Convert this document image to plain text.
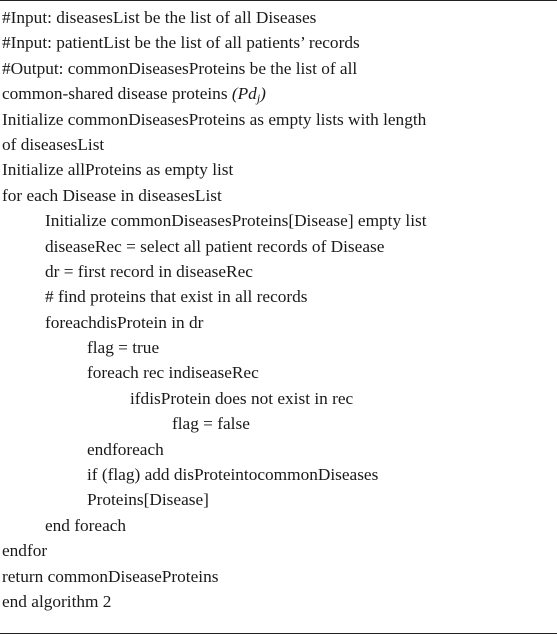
#Input: diseasesList be the list of all Diseases
#Input: patientList be the list of all patients’ records
#Output: commonDiseasesProteins be the list of all
common-shared disease proteins $(Pd_j)$
Initialize commonDiseasesProteins as empty lists with length
of diseasesList
Initialize allProteins as empty list
for each Disease in diseasesList
Initialize commonDiseasesProteins[Disease] empty list
diseaseRec = select all patient records of Disease
dr = first record in diseaseRec
# find proteins that exist in all records
foreachdisProtein in dr
flag = true
foreach rec indiseaseRec
ifdisProtein does not exist in rec
flag = false
endforeach
if (flag) add disProteintocommonDiseases
Proteins[Disease]
end foreach
endfor
return commonDiseaseProteins
end algorithm 2
